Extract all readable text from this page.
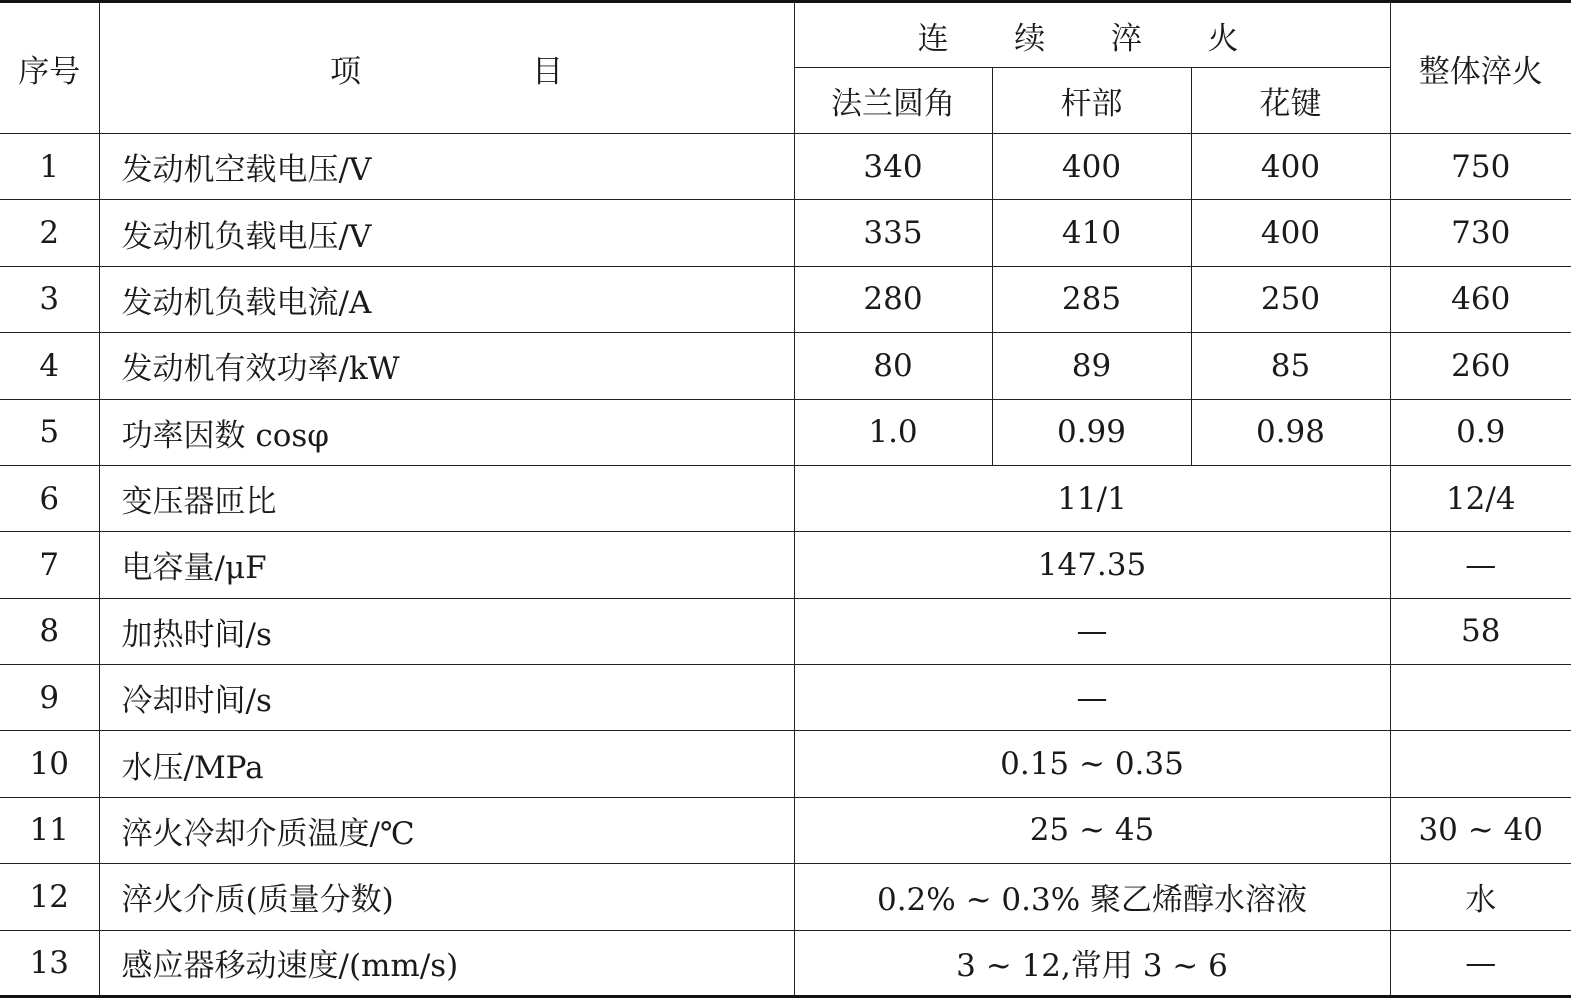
序号	项 目	连 续 淬 火			整体淬火
		法兰圆角	杆部	花键	
1	发动机空载电压/V	340	400	400	750
2	发动机负载电压/V	335	410	400	730
3	发动机负载电流/A	280	285	250	460
4	发动机有效功率/kW	80	89	85	260
5	功率因数 cosφ	1.0	0.99	0.98	0.9
6	变压器匝比	11/1			12/4
7	电容量/μF	147.35			—
8	加热时间/s	—			58
9	冷却时间/s	—			
10	水压/MPa	0.15 ~ 0.35			
11	淬火冷却介质温度/℃	25 ~ 45			30 ~ 40
12	淬火介质(质量分数)	0.2% ~ 0.3% 聚乙烯醇水溶液			水
13	感应器移动速度/(mm/s)	3 ~ 12,常用 3 ~ 6			—
